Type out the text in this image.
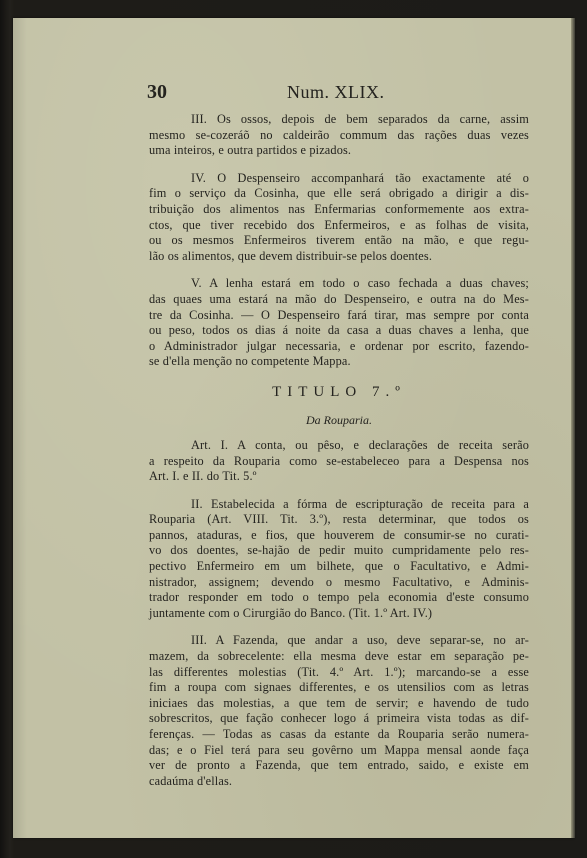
30	Num. XLIX.

III. Os ossos, depois de bem separados da carne, assim
mesmo se-cozeráõ no caldeirão commum das rações duas vezes
uma inteiros, e outra partidos e pizados.

IV. O Despenseiro accompanhará tão exactamente até o
fim o serviço da Cosinha, que elle será obrigado a dirigir a dis-
tribuição dos alimentos nas Enfermarias conformemente aos extra-
ctos, que tiver recebido dos Enfermeiros, e as folhas de visita,
ou os mesmos Enfermeiros tiverem então na mão, e que regu-
lão os alimentos, que devem distribuir-se pelos doentes.

V. A lenha estará em todo o caso fechada a duas chaves;
das quaes uma estará na mão do Despenseiro, e outra na do Mes-
tre da Cosinha. — O Despenseiro fará tirar, mas sempre por conta
ou peso, todos os dias á noite da casa a duas chaves a lenha, que
o Administrador julgar necessaria, e ordenar por escrito, fazendo-
se d'ella menção no competente Mappa.

TITULO 7.º

Da Rouparia.

Art. I. A conta, ou pêso, e declarações de receita serão
a respeito da Rouparia como se-estabeleceo para a Despensa nos
Art. I. e II. do Tit. 5.º

II. Estabelecida a fórma de escripturação de receita para a
Rouparia (Art. VIII. Tit. 3.º), resta determinar, que todos os
pannos, ataduras, e fios, que houverem de consumir-se no curati-
vo dos doentes, se-hajão de pedir muito cumpridamente pelo res-
pectivo Enfermeiro em um bilhete, que o Facultativo, e Admi-
nistrador, assignem; devendo o mesmo Facultativo, e Adminis-
trador responder em todo o tempo pela economia d'este consumo
juntamente com o Cirurgião do Banco. (Tit. 1.º Art. IV.)

III. A Fazenda, que andar a uso, deve separar-se, no ar-
mazem, da sobrecelente: ella mesma deve estar em separação pe-
las differentes molestias (Tit. 4.º Art. 1.º); marcando-se a esse
fim a roupa com signaes differentes, e os utensilios com as letras
iniciaes das molestias, a que tem de servir; e havendo de tudo
sobrescritos, que fação conhecer logo á primeira vista todas as dif-
ferenças. — Todas as casas da estante da Rouparia serão numera-
das; e o Fiel terá para seu govêrno um Mappa mensal aonde faça
ver de pronto a Fazenda, que tem entrado, saido, e existe em
cadaúma d'ellas.
